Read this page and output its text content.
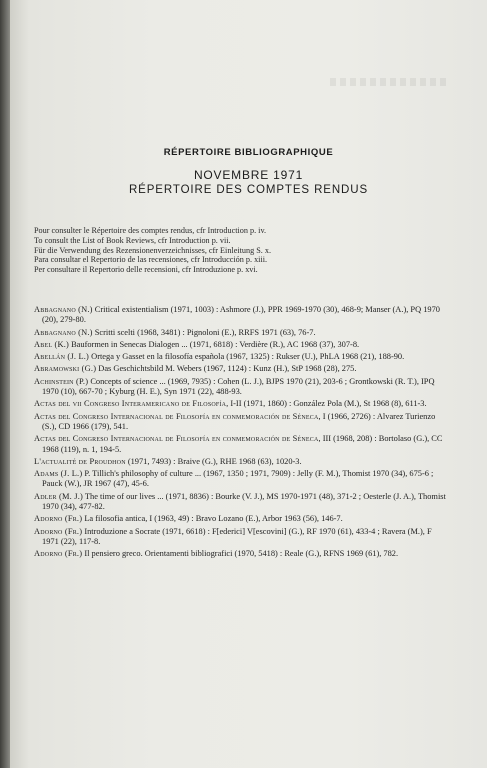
RÉPERTOIRE BIBLIOGRAPHIQUE
NOVEMBRE 1971
RÉPERTOIRE DES COMPTES RENDUS
Pour consulter le Répertoire des comptes rendus, cfr Introduction p. iv.
To consult the List of Book Reviews, cfr Introduction p. vii.
Für die Verwendung des Rezensionenverzeichnisses, cfr Einleitung S. x.
Para consultar el Repertorio de las recensiones, cfr Introducción p. xiii.
Per consultare il Repertorio delle recensioni, cfr Introduzione p. xvi.
Abbagnano (N.) Critical existentialism (1971, 1003) : Ashmore (J.), PPR 1969-1970 (30), 468-9; Manser (A.), PQ 1970 (20), 279-80.
Abbagnano (N.) Scritti scelti (1968, 3481) : Pignoloni (E.), RRFS 1971 (63), 76-7.
Abel (K.) Bauformen in Senecas Dialogen ... (1971, 6818) : Verdière (R.), AC 1968 (37), 307-8.
Abellán (J. L.) Ortega y Gasset en la filosofía española (1967, 1325) : Rukser (U.), PhLA 1968 (21), 188-90.
Abramowski (G.) Das Geschichtsbild M. Webers (1967, 1124) : Kunz (H.), StP 1968 (28), 275.
Achinstein (P.) Concepts of science ... (1969, 7935) : Cohen (L. J.), BJPS 1970 (21), 203-6 ; Grontkowski (R. T.), IPQ 1970 (10), 667-70 ; Kyburg (H. E.), Syn 1971 (22), 488-93.
Actas del vii Congreso Interamericano de Filosofía, I-II (1971, 1860) : González Pola (M.), St 1968 (8), 611-3.
Actas del Congreso Internacional de Filosofía en conmemoración de Séneca, I (1966, 2726) : Alvarez Turienzo (S.), CD 1966 (179), 541.
Actas del Congreso Internacional de Filosofía en conmemoración de Séneca, III (1968, 208) : Bortolaso (G.), CC 1968 (119), n. 1, 194-5.
L'actualité de Proudhon (1971, 7493) : Braive (G.), RHE 1968 (63), 1020-3.
Adams (J. L.) P. Tillich's philosophy of culture ... (1967, 1350 ; 1971, 7909) : Jelly (F. M.), Thomist 1970 (34), 675-6 ; Pauck (W.), JR 1967 (47), 45-6.
Adler (M. J.) The time of our lives ... (1971, 8836) : Bourke (V. J.), MS 1970-1971 (48), 371-2 ; Oesterle (J. A.), Thomist 1970 (34), 477-82.
Adorno (Fr.) La filosofia antica, I (1963, 49) : Bravo Lozano (E.), Arbor 1963 (56), 146-7.
Adorno (Fr.) Introduzione a Socrate (1971, 6618) : F[ederici] V[escovini] (G.), RF 1970 (61), 433-4 ; Ravera (M.), F 1971 (22), 117-8.
Adorno (Fr.) Il pensiero greco. Orientamenti bibliografici (1970, 5418) : Reale (G.), RFNS 1969 (61), 782.
